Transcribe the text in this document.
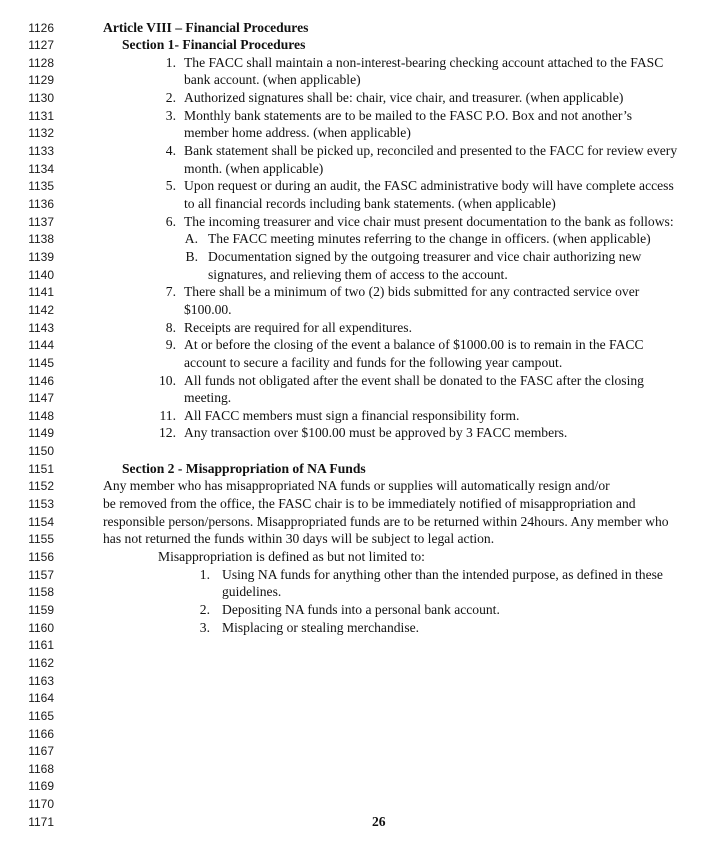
1126
1127
1128
1129
1130
1131
1132
1133
1134
1135
1136
1137
1138
1139
1140
1141
1142
1143
1144
1145
1146
1147
1148
1149
1150
1151
1152
1153
1154
1155
1156
1157
1158
1159
1160
1161
1162
1163
1164
1165
1166
1167
1168
1169
1170
1171
Article VIII – Financial Procedures
Section 1- Financial Procedures
1. The FACC shall maintain a non-interest-bearing checking account attached to the FASC
bank account. (when applicable)
2. Authorized signatures shall be: chair, vice chair, and treasurer. (when applicable)
3. Monthly bank statements are to be mailed to the FASC P.O. Box and not another’s
member home address. (when applicable)
4. Bank statement shall be picked up, reconciled and presented to the FACC for review every
month. (when applicable)
5. Upon request or during an audit, the FASC administrative body will have complete access
to all financial records including bank statements. (when applicable)
6. The incoming treasurer and vice chair must present documentation to the bank as follows:
A. The FACC meeting minutes referring to the change in officers. (when applicable)
B. Documentation signed by the outgoing treasurer and vice chair authorizing new
signatures, and relieving them of access to the account.
7. There shall be a minimum of two (2) bids submitted for any contracted service over
$100.00.
8. Receipts are required for all expenditures.
9. At or before the closing of the event a balance of $1000.00 is to remain in the FACC
account to secure a facility and funds for the following year campout.
10. All funds not obligated after the event shall be donated to the FASC after the closing
meeting.
11. All FACC members must sign a financial responsibility form.
12. Any transaction over $100.00 must be approved by 3 FACC members.
Section 2 - Misappropriation of NA Funds
Any member who has misappropriated NA funds or supplies will automatically resign and/or
be removed from the office, the FASC chair is to be immediately notified of misappropriation and
responsible person/persons. Misappropriated funds are to be returned within 24hours. Any member who
has not returned the funds within 30 days will be subject to legal action.
Misappropriation is defined as but not limited to:
1. Using NA funds for anything other than the intended purpose, as defined in these
guidelines.
2. Depositing NA funds into a personal bank account.
3. Misplacing or stealing merchandise.
26
